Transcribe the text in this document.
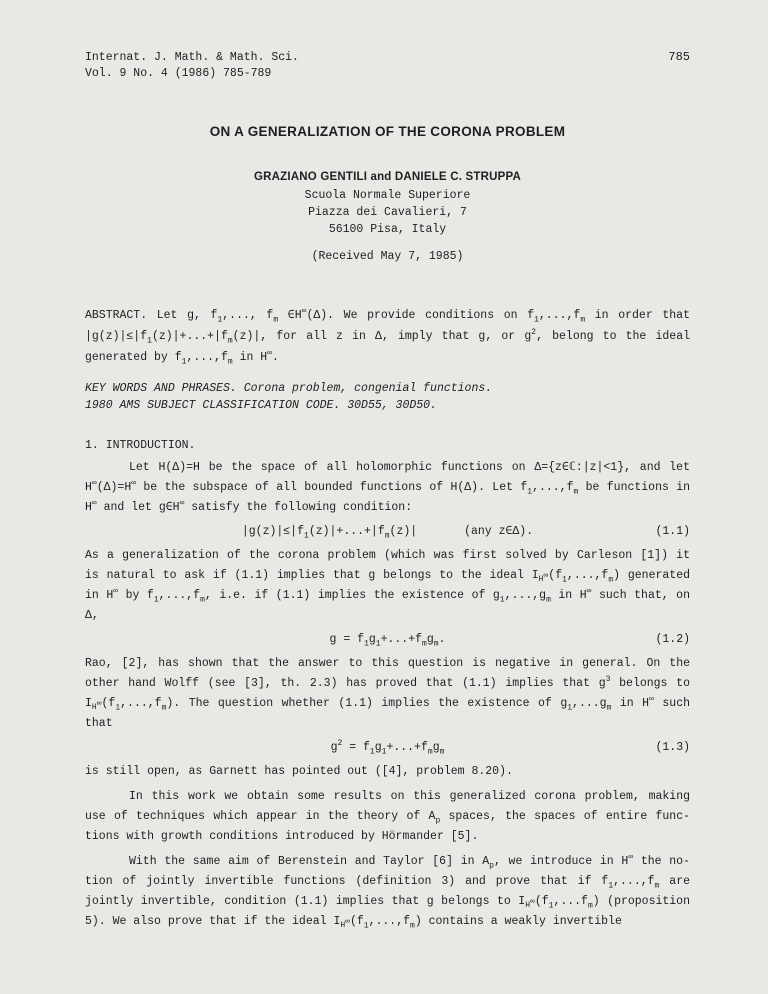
Internat. J. Math. & Math. Sci.
Vol. 9 No. 4 (1986) 785-789
785
ON A GENERALIZATION OF THE CORONA PROBLEM
GRAZIANO GENTILI and DANIELE C. STRUPPA
Scuola Normale Superiore
Piazza dei Cavalieri, 7
56100 Pisa, Italy
(Received May 7, 1985)

ABSTRACT. Let g, $f_1$,..., $f_m$ ∈H∞(Δ). We provide conditions on $f_1,...,f_m$ in order that $|g(z)|\le|f_1(z)|+...+|f_m(z)|$, for all z in Δ, imply that g, or $g^2$, belong to the ideal generated by $f_1,...,f_m$ in H∞.

KEY WORDS AND PHRASES. Corona problem, congenial functions.
1980 AMS SUBJECT CLASSIFICATION CODE. 30D55, 30D50.
1. INTRODUCTION.

Let H(Δ)=H be the space of all holomorphic functions on Δ={z∈ℂ:|z|<1}, and let H∞(Δ)=H∞ be the subspace of all bounded functions of H(Δ). Let $f_1,...,f_m$ be functions in H∞ and let g∈H∞ satisfy the following condition:

$|g(z)|\le|f_1(z)|+...+|f_m(z)|$	(any z∈Δ).	(1.1)

As a generalization of the corona problem (which was first solved by Carleson [1]) it is natural to ask if (1.1) implies that g belongs to the ideal $I_{H^\infty}(f_1,...,f_m)$ generated in H∞ by $f_1,...,f_m$, i.e. if (1.1) implies the existence of $g_1,...,g_m$ in H∞ such that, on Δ,

$g = f_1g_1+...+f_mg_m$.	(1.2)

Rao, [2], has shown that the answer to this question is negative in general. On the other hand Wolff (see [3], th. 2.3) has proved that (1.1) implies that $g^3$ belongs to $I_{H^\infty}(f_1,...,f_m)$. The question whether (1.1) implies the existence of $g_1,...g_m$ in H∞ such that

$g^2 = f_1g_1+...+f_mg_m$	(1.3)

is still open, as Garnett has pointed out ([4], problem 8.20).

In this work we obtain some results on this generalized corona problem, making use of techniques which appear in the theory of $A_p$ spaces, the spaces of entire functions with growth conditions introduced by Hörmander [5].

With the same aim of Berenstein and Taylor [6] in $A_p$, we introduce in H∞ the notion of jointly invertible functions (definition 3) and prove that if $f_1,...,f_m$ are jointly invertible, condition (1.1) implies that g belongs to $I_{H^\infty}(f_1,...f_m)$ (proposition 5). We also prove that if the ideal $I_{H^\infty}(f_1,...,f_m)$ contains a weakly invertible
